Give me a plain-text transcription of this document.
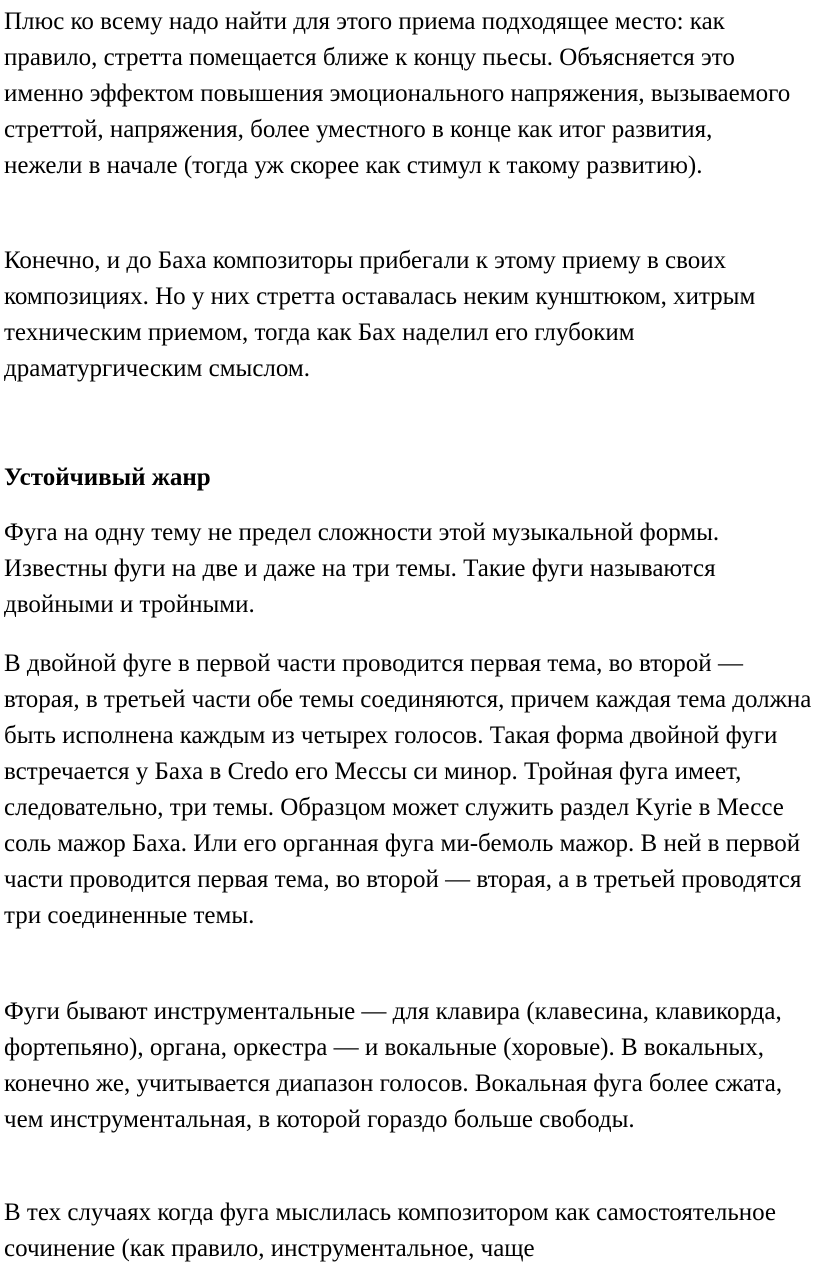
Плюс ко всему надо найти для этого приема подходящее место: как правило, стретта помещается ближе к концу пьесы. Объясняется это именно эффектом повышения эмоционального напряжения, вызываемого стреттой, напряжения, более уместного в конце как итог развития, нежели в начале (тогда уж скорее как стимул к такому развитию).

Конечно, и до Баха композиторы прибегали к этому приему в своих композициях. Но у них стретта оставалась неким кунштюком, хитрым техническим приемом, тогда как Бах наделил его глубоким драматургическим смыслом.

Устойчивый жанр

Фуга на одну тему не предел сложности этой музыкальной формы. Известны фуги на две и даже на три темы. Такие фуги называются двойными и тройными.

В двойной фуге в первой части проводится первая тема, во второй — вторая, в третьей части обе темы соединяются, причем каждая тема должна быть исполнена каждым из четырех голосов. Такая форма двойной фуги встречается у Баха в Credo его Мессы си минор. Тройная фуга имеет, следовательно, три темы. Образцом может служить раздел Kyrie в Мессе соль мажор Баха. Или его органная фуга ми-бемоль мажор. В ней в первой части проводится первая тема, во второй — вторая, а в третьей проводятся три соединенные темы.

Фуги бывают инструментальные — для клавира (клавесина, клавикорда, фортепьяно), органа, оркестра — и вокальные (хоровые). В вокальных, конечно же, учитывается диапазон голосов. Вокальная фуга более сжата, чем инструментальная, в которой гораздо больше свободы.

В тех случаях когда фуга мыслилась композитором как самостоятельное сочинение (как правило, инструментальное, чаще
